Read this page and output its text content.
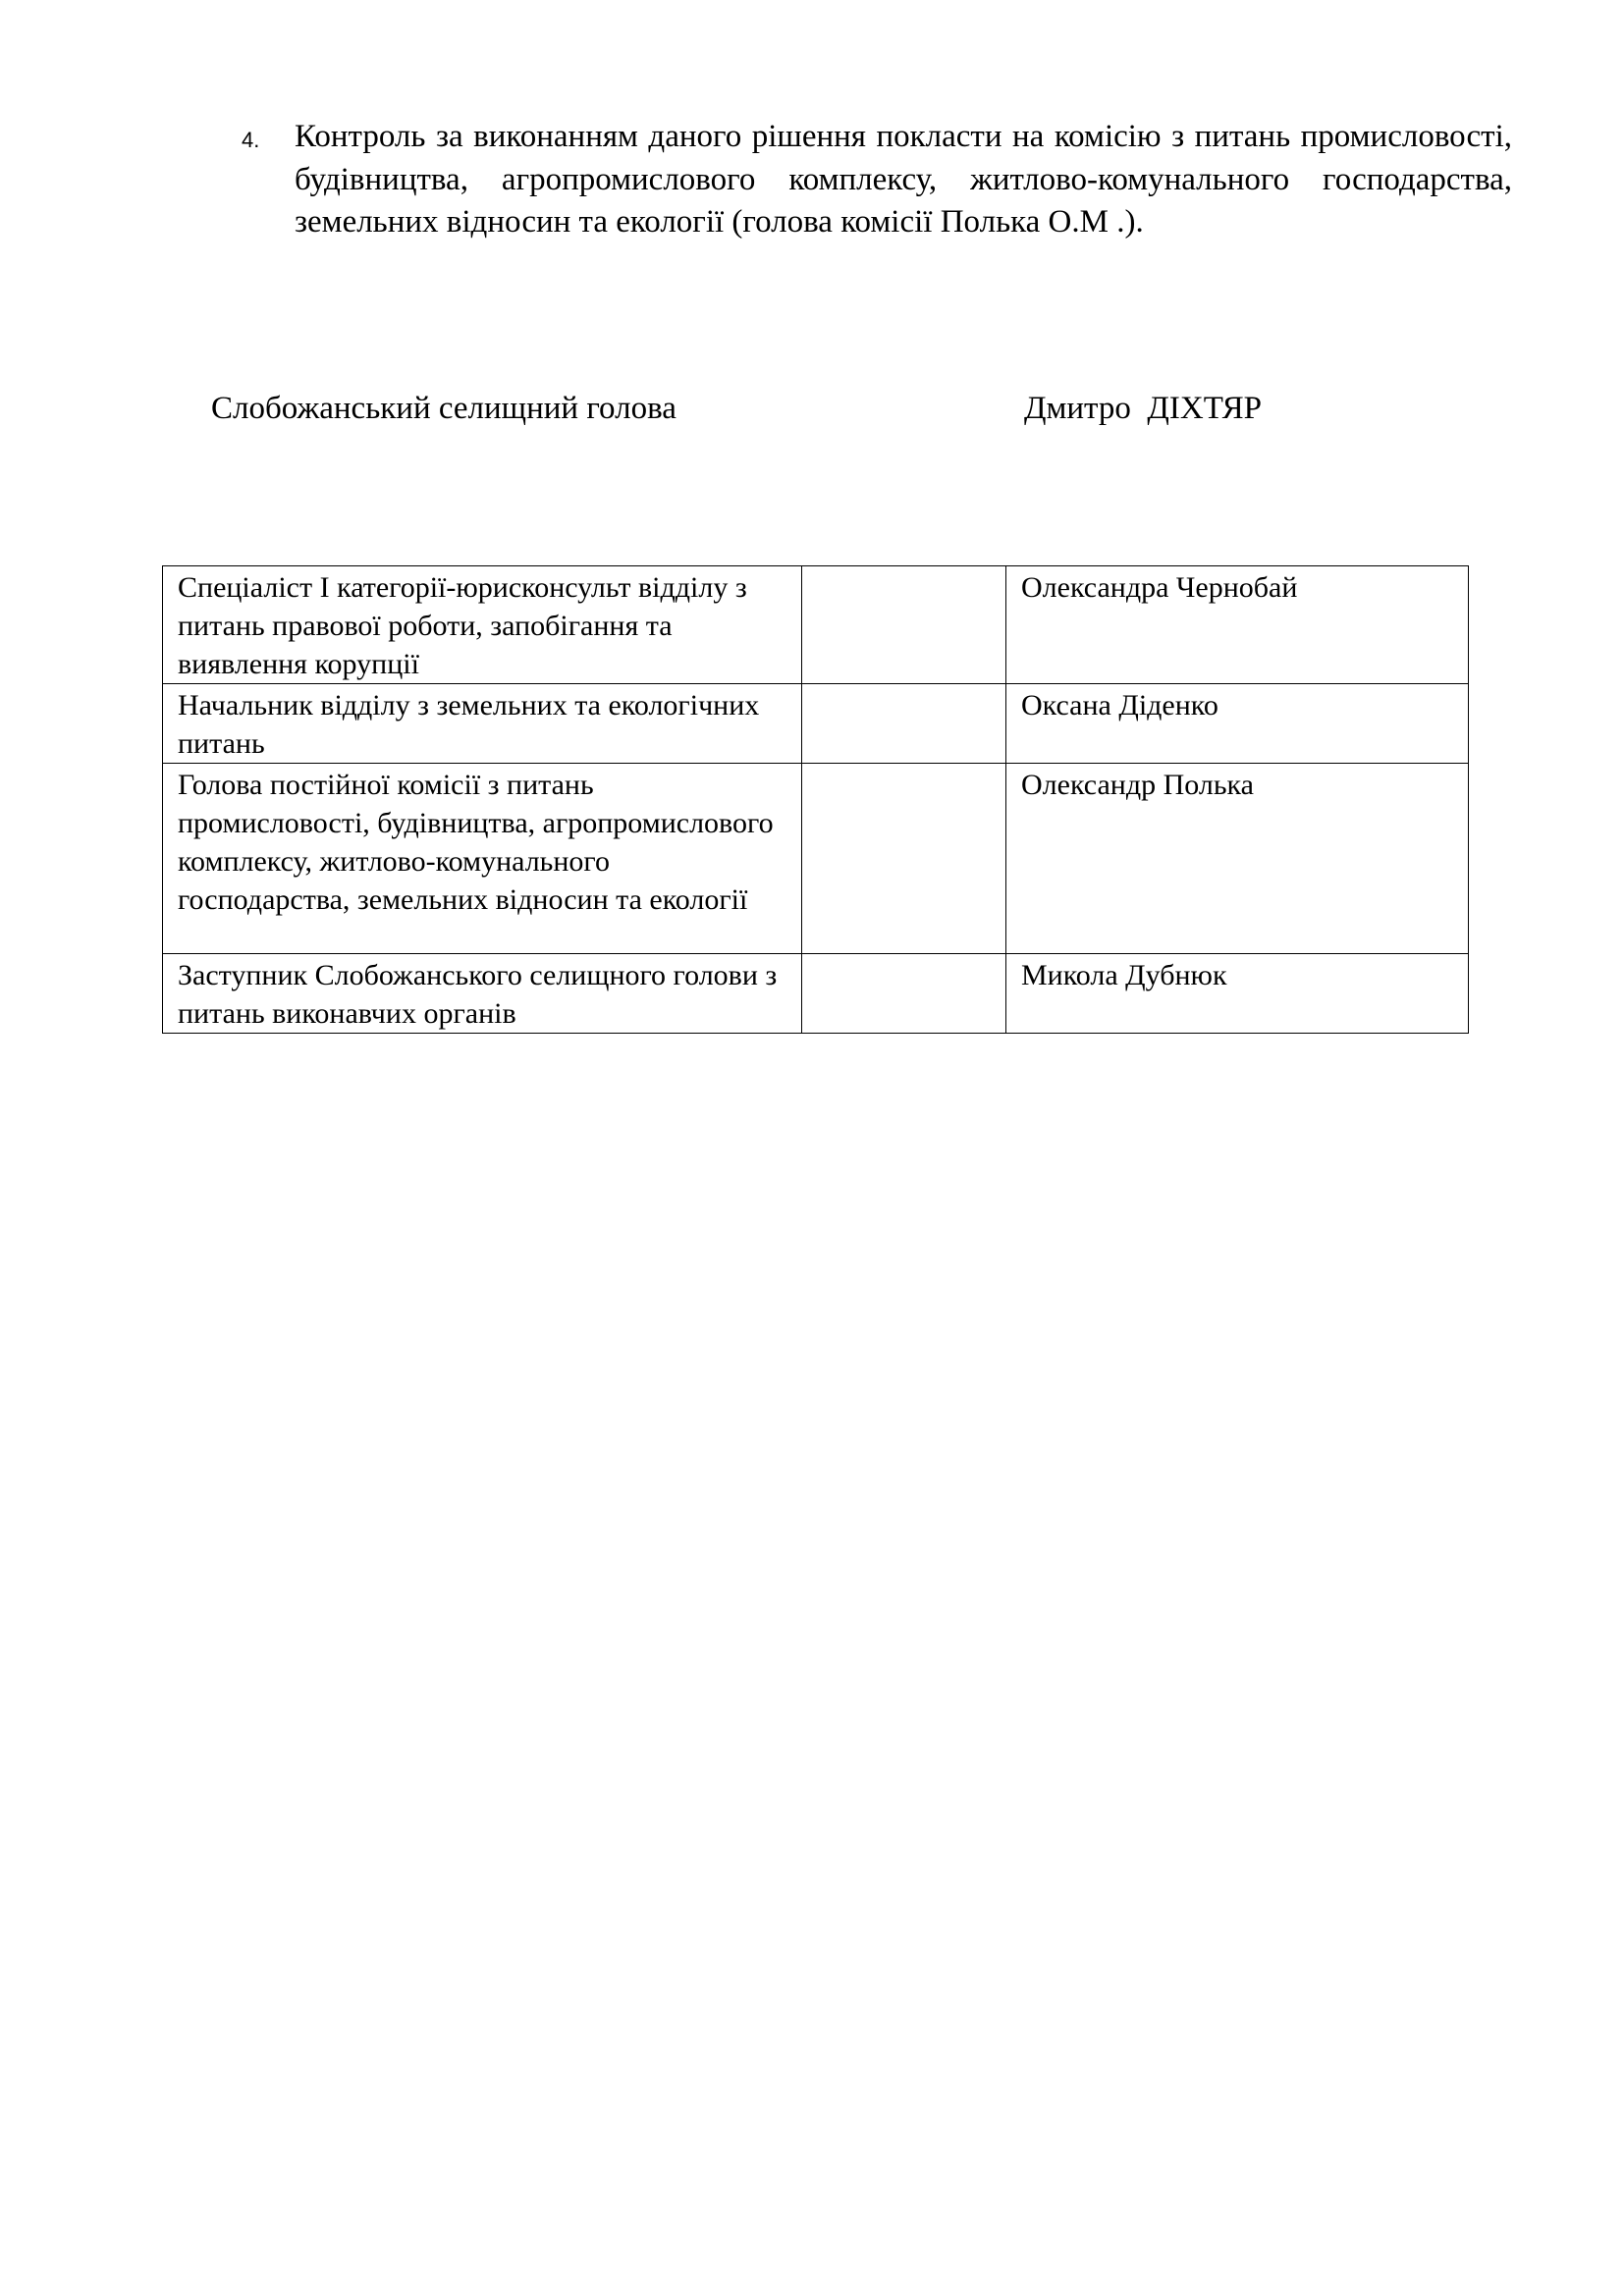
4. Контроль за виконанням даного рішення покласти на комісію з питань промисловості, будівництва, агропромислового комплексу, житлово-комунального господарства, земельних відносин та екології (голова комісії Полька О.М .).
Слобожанський селищний голова	Дмитро  ДІХТЯР
Спеціаліст І категорії-юрисконсульт відділу з питань правової роботи, запобігання та виявлення корупції		Олександра Чернобай
Начальник відділу з земельних та екологічних питань		Оксана Діденко
Голова постійної комісії з питань промисловості, будівництва, агропромислового комплексу, житлово-комунального господарства, земельних відносин та екології		Олександр Полька
Заступник Слобожанського селищного голови з питань виконавчих органів		Микола Дубнюк
